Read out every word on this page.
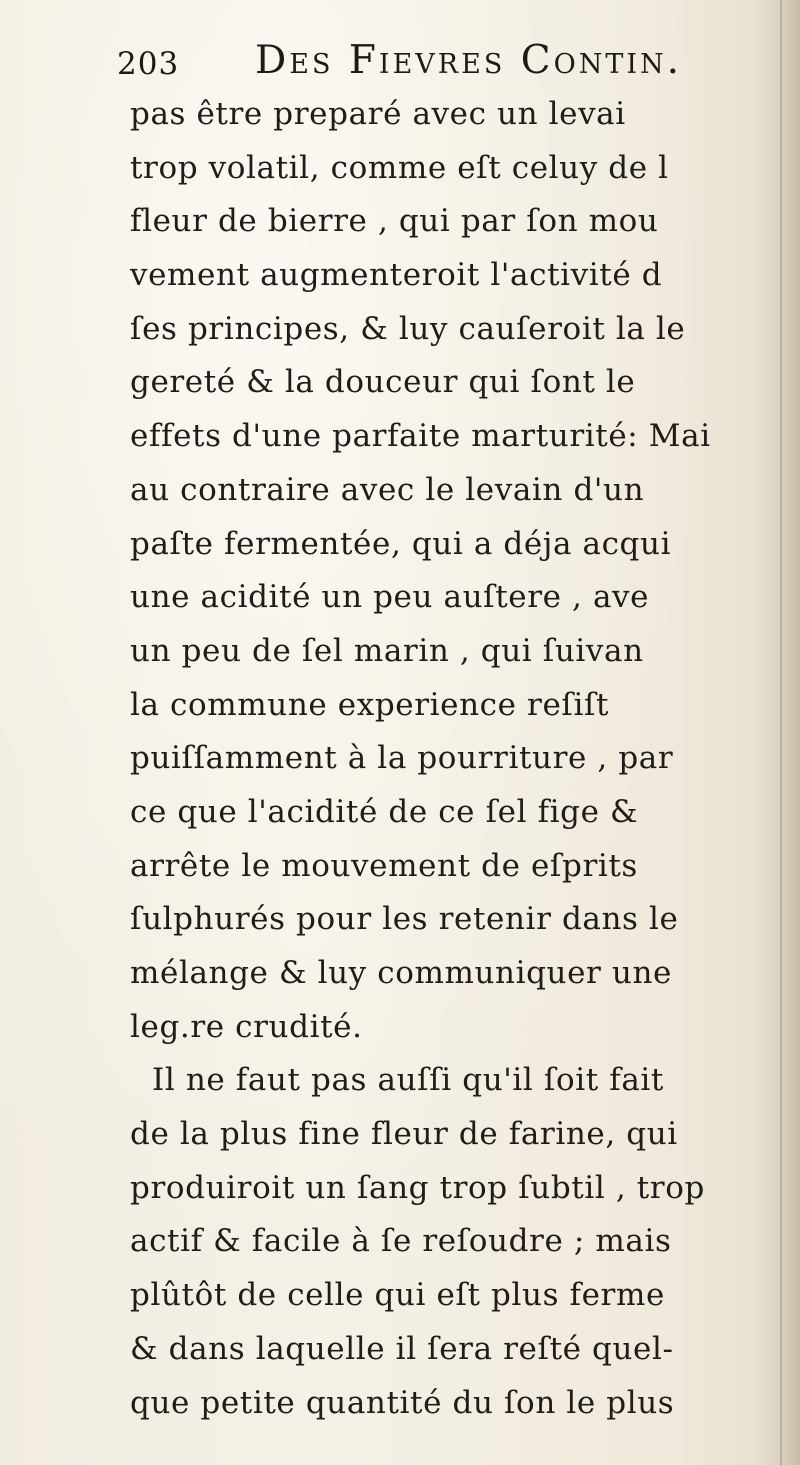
203 Des Fievres Contin.
pas être preparé avec un levai
trop volatil, comme eſt celuy de l
fleur de bierre , qui par ſon mou
vement augmenteroit l'activité d
ſes principes, & luy cauſeroit la le
gereté & la douceur qui ſont le
effets d'une parfaite marturité: Mai
au contraire avec le levain d'un
paſte fermentée, qui a déja acqui
une acidité un peu auſtere , ave
un peu de ſel marin , qui ſuivan
la commune experience reſiſt
puiſſamment à la pourriture , par
ce que l'acidité de ce ſel fige &
arrête le mouvement de eſprits
ſulphurés pour les retenir dans le
mélange & luy communiquer une
leg.re crudité.
Il ne faut pas auſſi qu'il ſoit fait
de la plus fine fleur de farine, qui
produiroit un ſang trop ſubtil , trop
actif & facile à ſe reſoudre ; mais
plûtôt de celle qui eſt plus ferme
& dans laquelle il ſera reſté quel-
que petite quantité du ſon le plus
